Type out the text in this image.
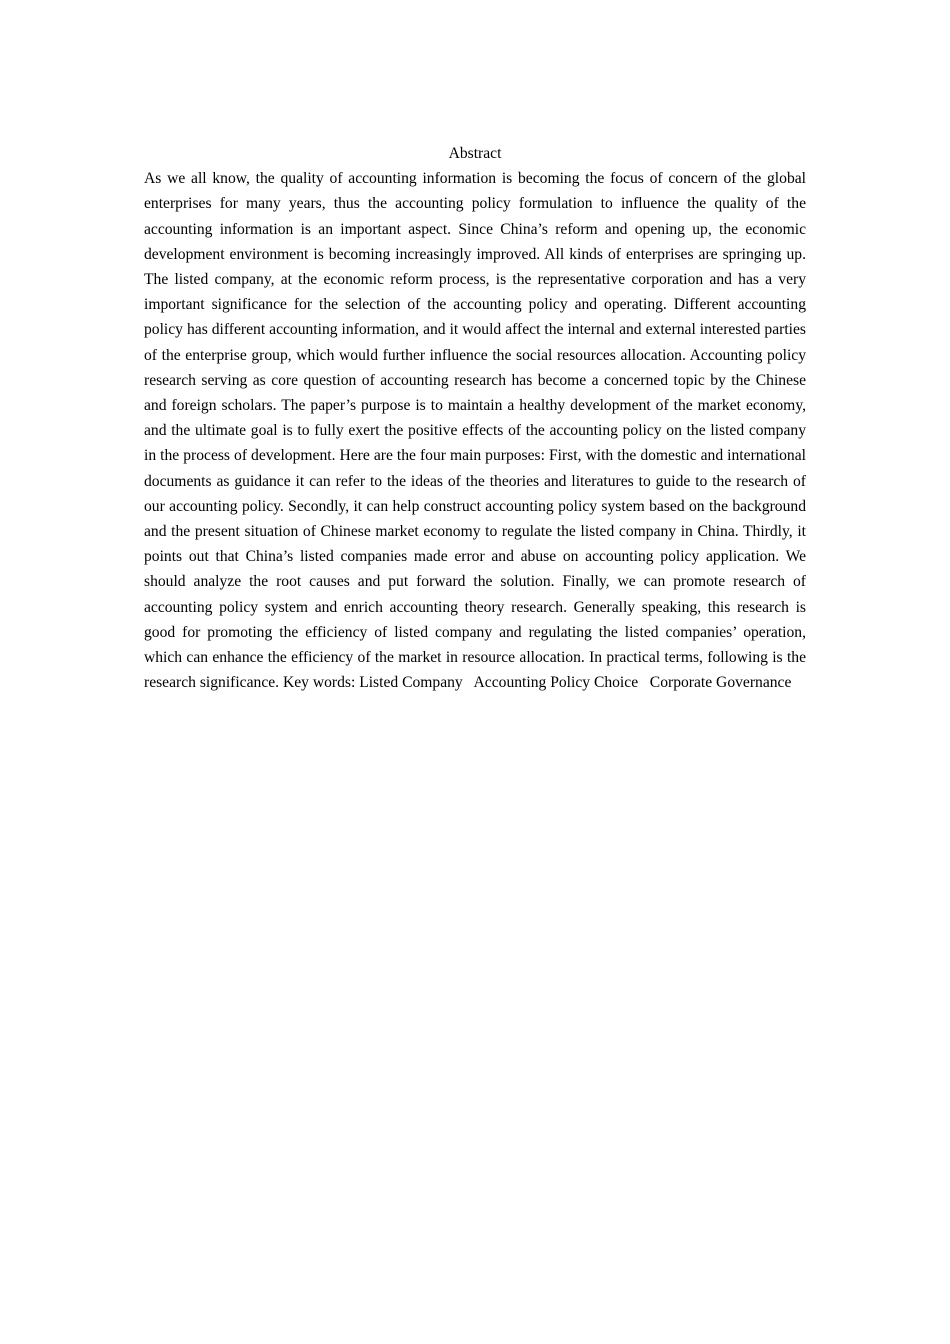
Abstract

As we all know, the quality of accounting information is becoming the focus of concern of the global enterprises for many years, thus the accounting policy formulation to influence the quality of the accounting information is an important aspect. Since China’s reform and opening up, the economic development environment is becoming increasingly improved. All kinds of enterprises are springing up. The listed company, at the economic reform process, is the representative corporation and has a very important significance for the selection of the accounting policy and operating. Different accounting policy has different accounting information, and it would affect the internal and external interested parties of the enterprise group, which would further influence the social resources allocation. Accounting policy research serving as core question of accounting research has become a concerned topic by the Chinese and foreign scholars. The paper’s purpose is to maintain a healthy development of the market economy, and the ultimate goal is to fully exert the positive effects of the accounting policy on the listed company in the process of development. Here are the four main purposes: First, with the domestic and international documents as guidance it can refer to the ideas of the theories and literatures to guide to the research of our accounting policy. Secondly, it can help construct accounting policy system based on the background and the present situation of Chinese market economy to regulate the listed company in China. Thirdly, it points out that China’s listed companies made error and abuse on accounting policy application. We should analyze the root causes and put forward the solution. Finally, we can promote research of accounting policy system and enrich accounting theory research. Generally speaking, this research is good for promoting the efficiency of listed company and regulating the listed companies’ operation, which can enhance the efficiency of the market in resource allocation. In practical terms, following is the research significance. Key words: Listed Company   Accounting Policy Choice   Corporate Governance
